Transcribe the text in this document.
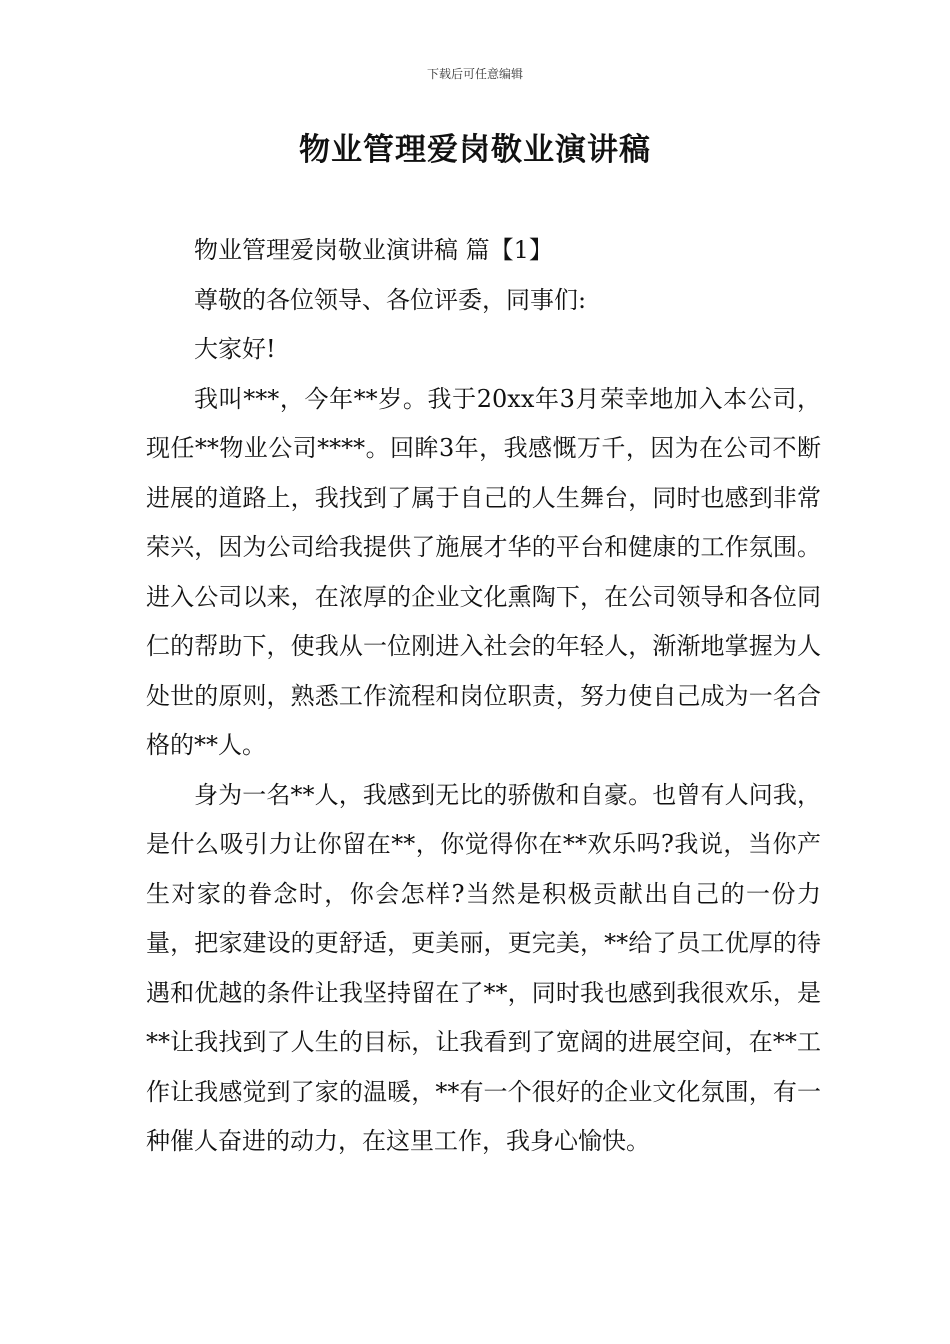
下载后可任意编辑
物业管理爱岗敬业演讲稿

物业管理爱岗敬业演讲稿 篇【1】

尊敬的各位领导、各位评委，同事们:

大家好!

我叫***，今年**岁。我于20xx年3月荣幸地加入本公司，现任**物业公司****。回眸3年，我感慨万千，因为在公司不断进展的道路上，我找到了属于自己的人生舞台，同时也感到非常荣兴，因为公司给我提供了施展才华的平台和健康的工作氛围。进入公司以来，在浓厚的企业文化熏陶下，在公司领导和各位同仁的帮助下，使我从一位刚进入社会的年轻人，渐渐地掌握为人处世的原则，熟悉工作流程和岗位职责，努力使自己成为一名合格的**人。

身为一名**人，我感到无比的骄傲和自豪。也曾有人问我，是什么吸引力让你留在**，你觉得你在**欢乐吗?我说，当你产生对家的眷念时，你会怎样?当然是积极贡献出自己的一份力量，把家建设的更舒适，更美丽，更完美，**给了员工优厚的待遇和优越的条件让我坚持留在了**，同时我也感到我很欢乐，是**让我找到了人生的目标，让我看到了宽阔的进展空间，在**工作让我感觉到了家的温暖，**有一个很好的企业文化氛围，有一种催人奋进的动力，在这里工作，我身心愉快。
